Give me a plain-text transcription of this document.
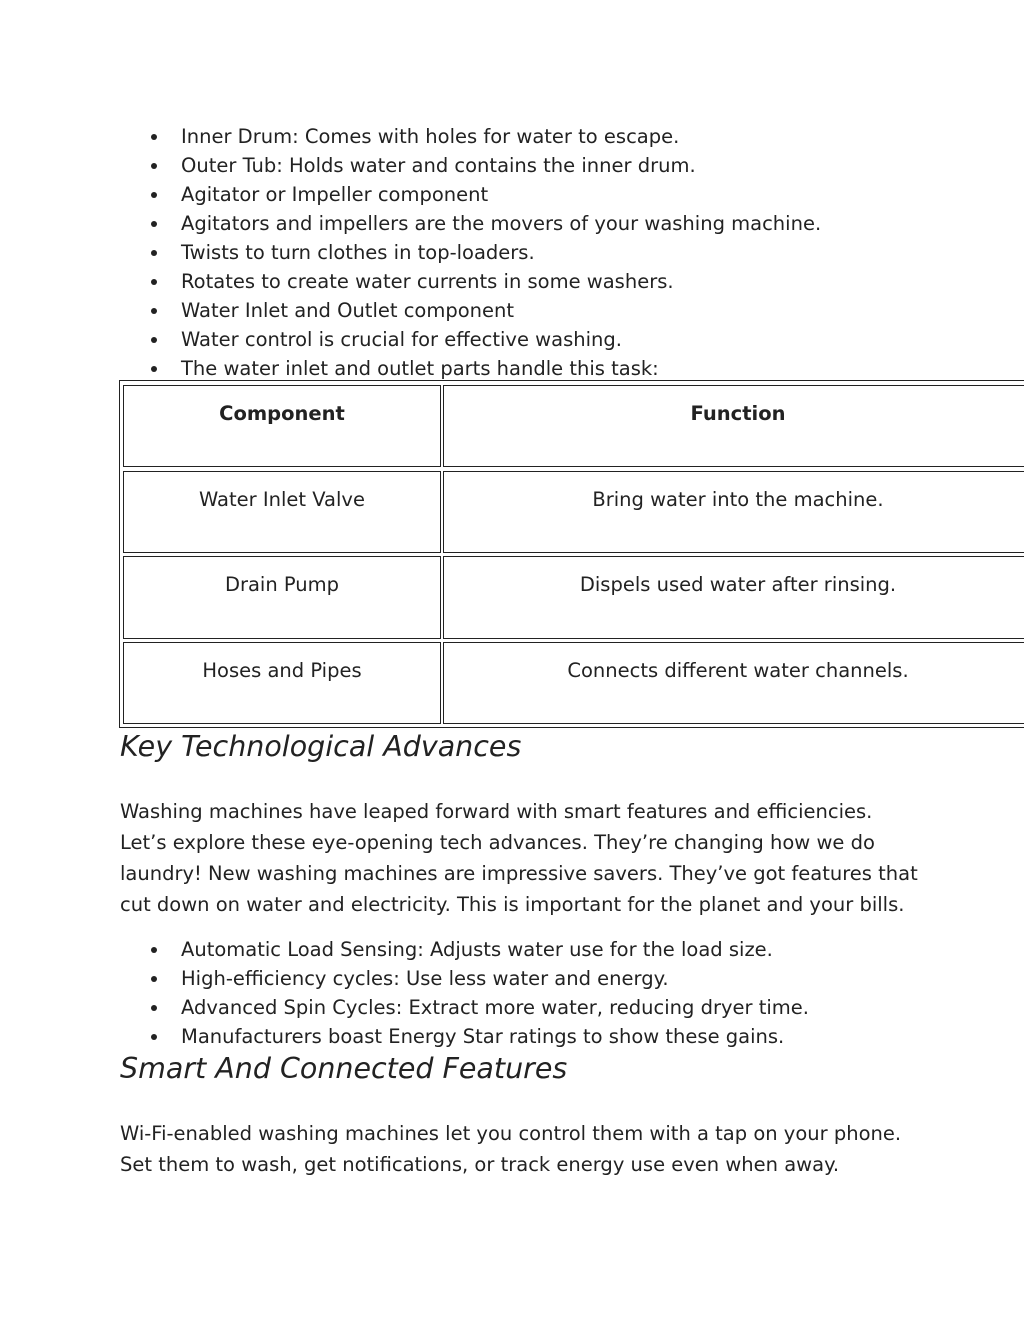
Inner Drum: Comes with holes for water to escape.
Outer Tub: Holds water and contains the inner drum.
Agitator or Impeller component
Agitators and impellers are the movers of your washing machine.
Twists to turn clothes in top-loaders.
Rotates to create water currents in some washers.
Water Inlet and Outlet component
Water control is crucial for effective washing.
The water inlet and outlet parts handle this task:
Component	Function
Water Inlet Valve	Bring water into the machine.
Drain Pump	Dispels used water after rinsing.
Hoses and Pipes	Connects different water channels.
Key Technological Advances

Washing machines have leaped forward with smart features and efficiencies. Let’s explore these eye-opening tech advances. They’re changing how we do laundry! New washing machines are impressive savers. They’ve got features that cut down on water and electricity. This is important for the planet and your bills.

Automatic Load Sensing: Adjusts water use for the load size.
High-efficiency cycles: Use less water and energy.
Advanced Spin Cycles: Extract more water, reducing dryer time.
Manufacturers boast Energy Star ratings to show these gains.
Smart And Connected Features

Wi-Fi-enabled washing machines let you control them with a tap on your phone. Set them to wash, get notifications, or track energy use even when away.
